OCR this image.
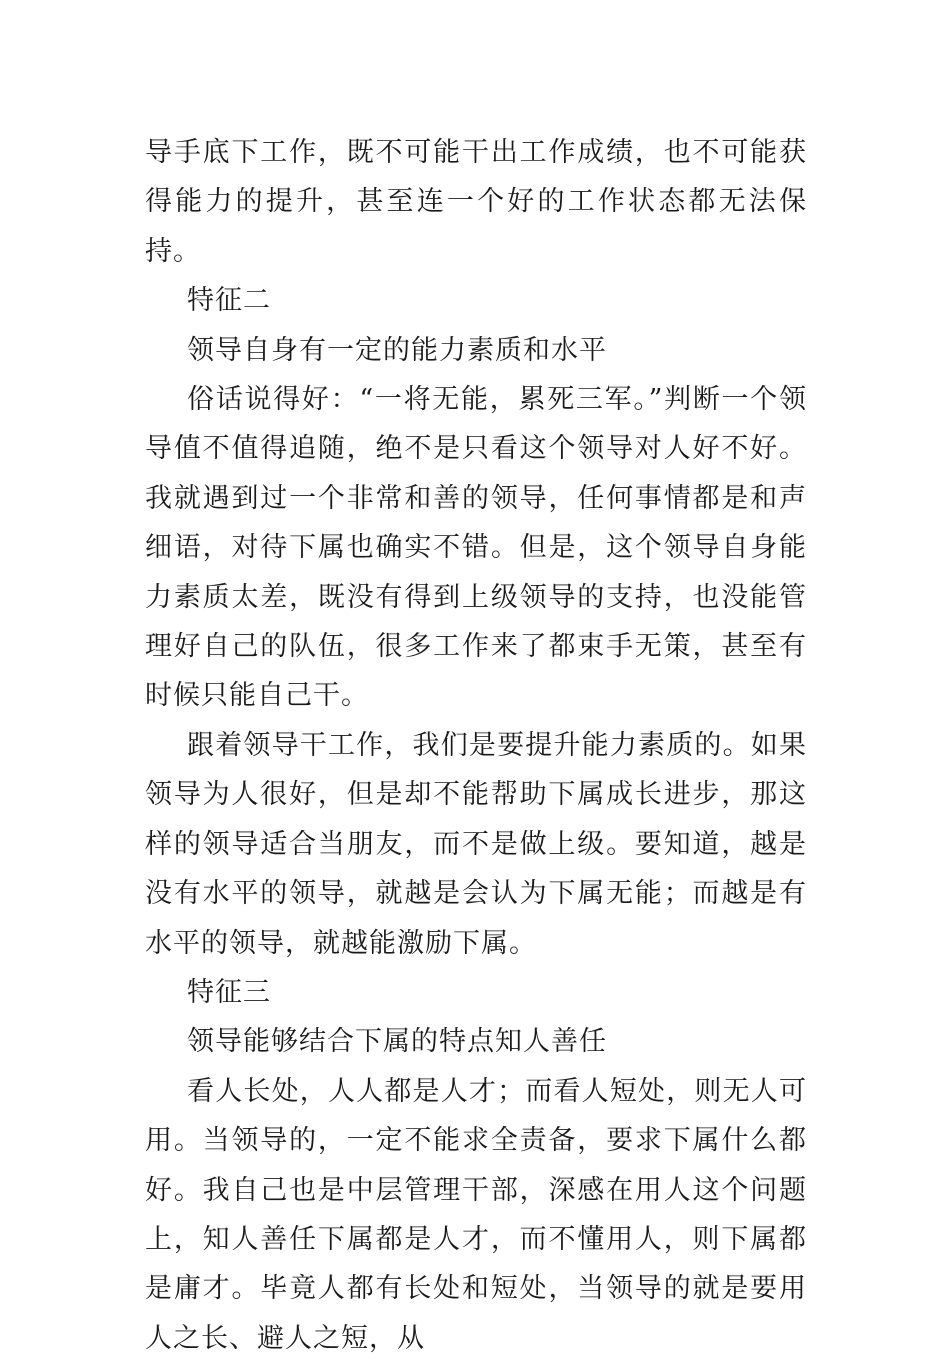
导手底下工作，既不可能干出工作成绩，也不可能获得能力的提升，甚至连一个好的工作状态都无法保持。

特征二

领导自身有一定的能力素质和水平

俗话说得好：“一将无能，累死三军。”判断一个领导值不值得追随，绝不是只看这个领导对人好不好。我就遇到过一个非常和善的领导，任何事情都是和声细语，对待下属也确实不错。但是，这个领导自身能力素质太差，既没有得到上级领导的支持，也没能管理好自己的队伍，很多工作来了都束手无策，甚至有时候只能自己干。

跟着领导干工作，我们是要提升能力素质的。如果领导为人很好，但是却不能帮助下属成长进步，那这样的领导适合当朋友，而不是做上级。要知道，越是没有水平的领导，就越是会认为下属无能；而越是有水平的领导，就越能激励下属。

特征三

领导能够结合下属的特点知人善任

看人长处，人人都是人才；而看人短处，则无人可用。当领导的，一定不能求全责备，要求下属什么都好。我自己也是中层管理干部，深感在用人这个问题上，知人善任下属都是人才，而不懂用人，则下属都是庸才。毕竟人都有长处和短处，当领导的就是要用人之长、避人之短，从
